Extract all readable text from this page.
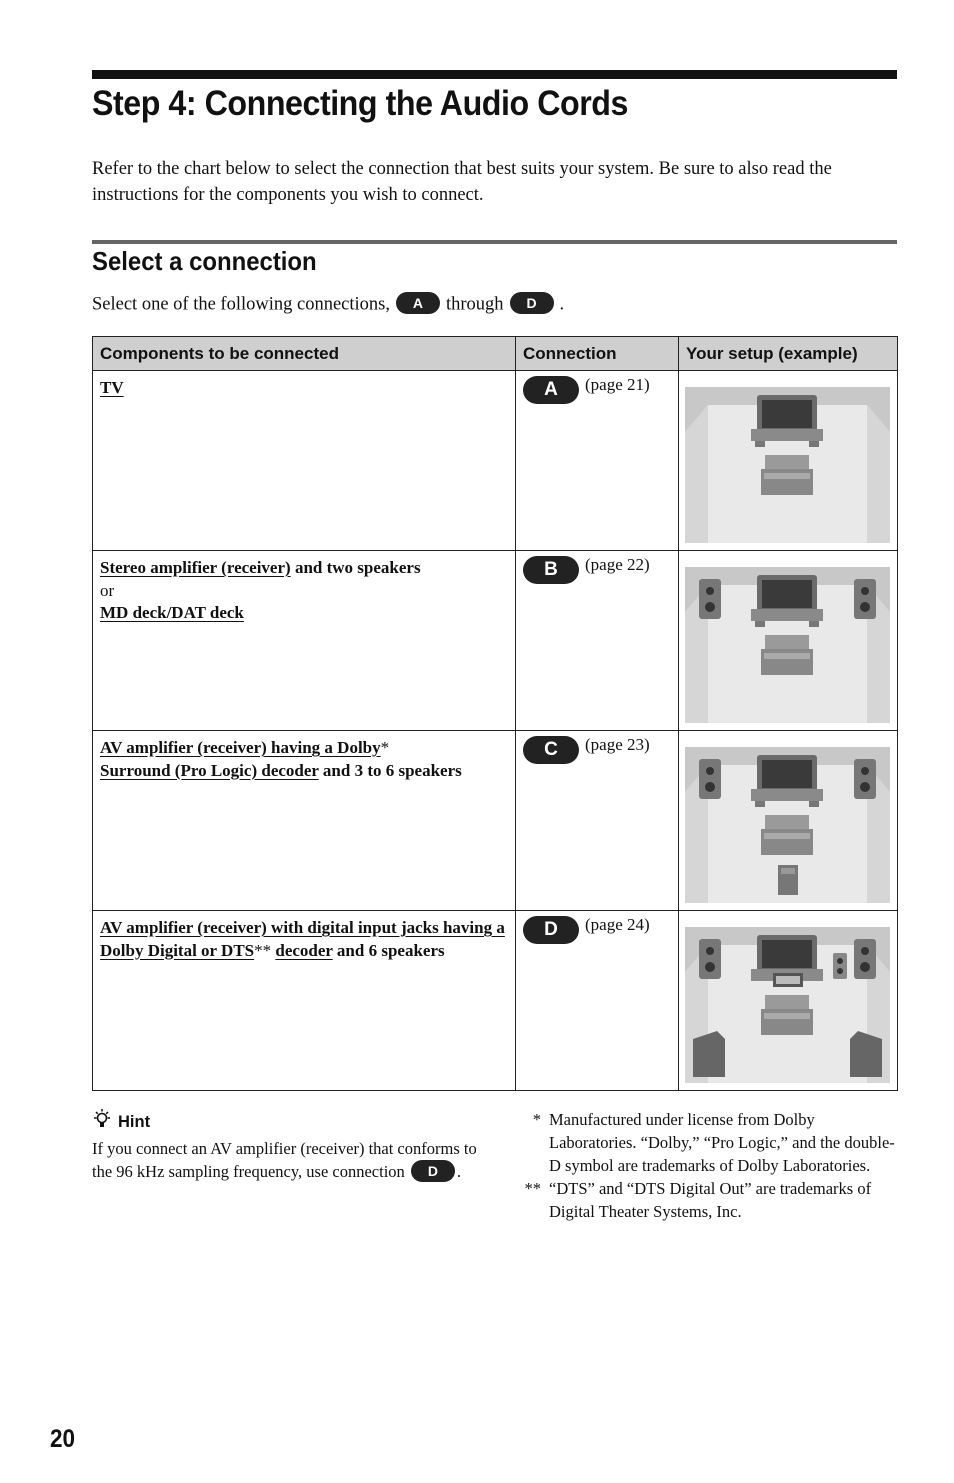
Step 4: Connecting the Audio Cords

Refer to the chart below to select the connection that best suits your system. Be sure to also read the instructions for the components you wish to connect.

Select a connection

Select one of the following connections, A through D .

Components to be connected	Connection	Your setup (example)

TV	A (page 21)

Stereo amplifier (receiver) and two speakers
or
MD deck/DAT deck	B (page 22)

AV amplifier (receiver) having a Dolby*
Surround (Pro Logic) decoder and 3 to 6 speakers	C (page 23)

AV amplifier (receiver) with digital input jacks having a Dolby Digital or DTS** decoder and 6 speakers	D (page 24)

Hint

If you connect an AV amplifier (receiver) that conforms to the 96 kHz sampling frequency, use connection D .

* Manufactured under license from Dolby Laboratories. “Dolby,” “Pro Logic,” and the double-D symbol are trademarks of Dolby Laboratories.
** “DTS” and “DTS Digital Out” are trademarks of Digital Theater Systems, Inc.
20
